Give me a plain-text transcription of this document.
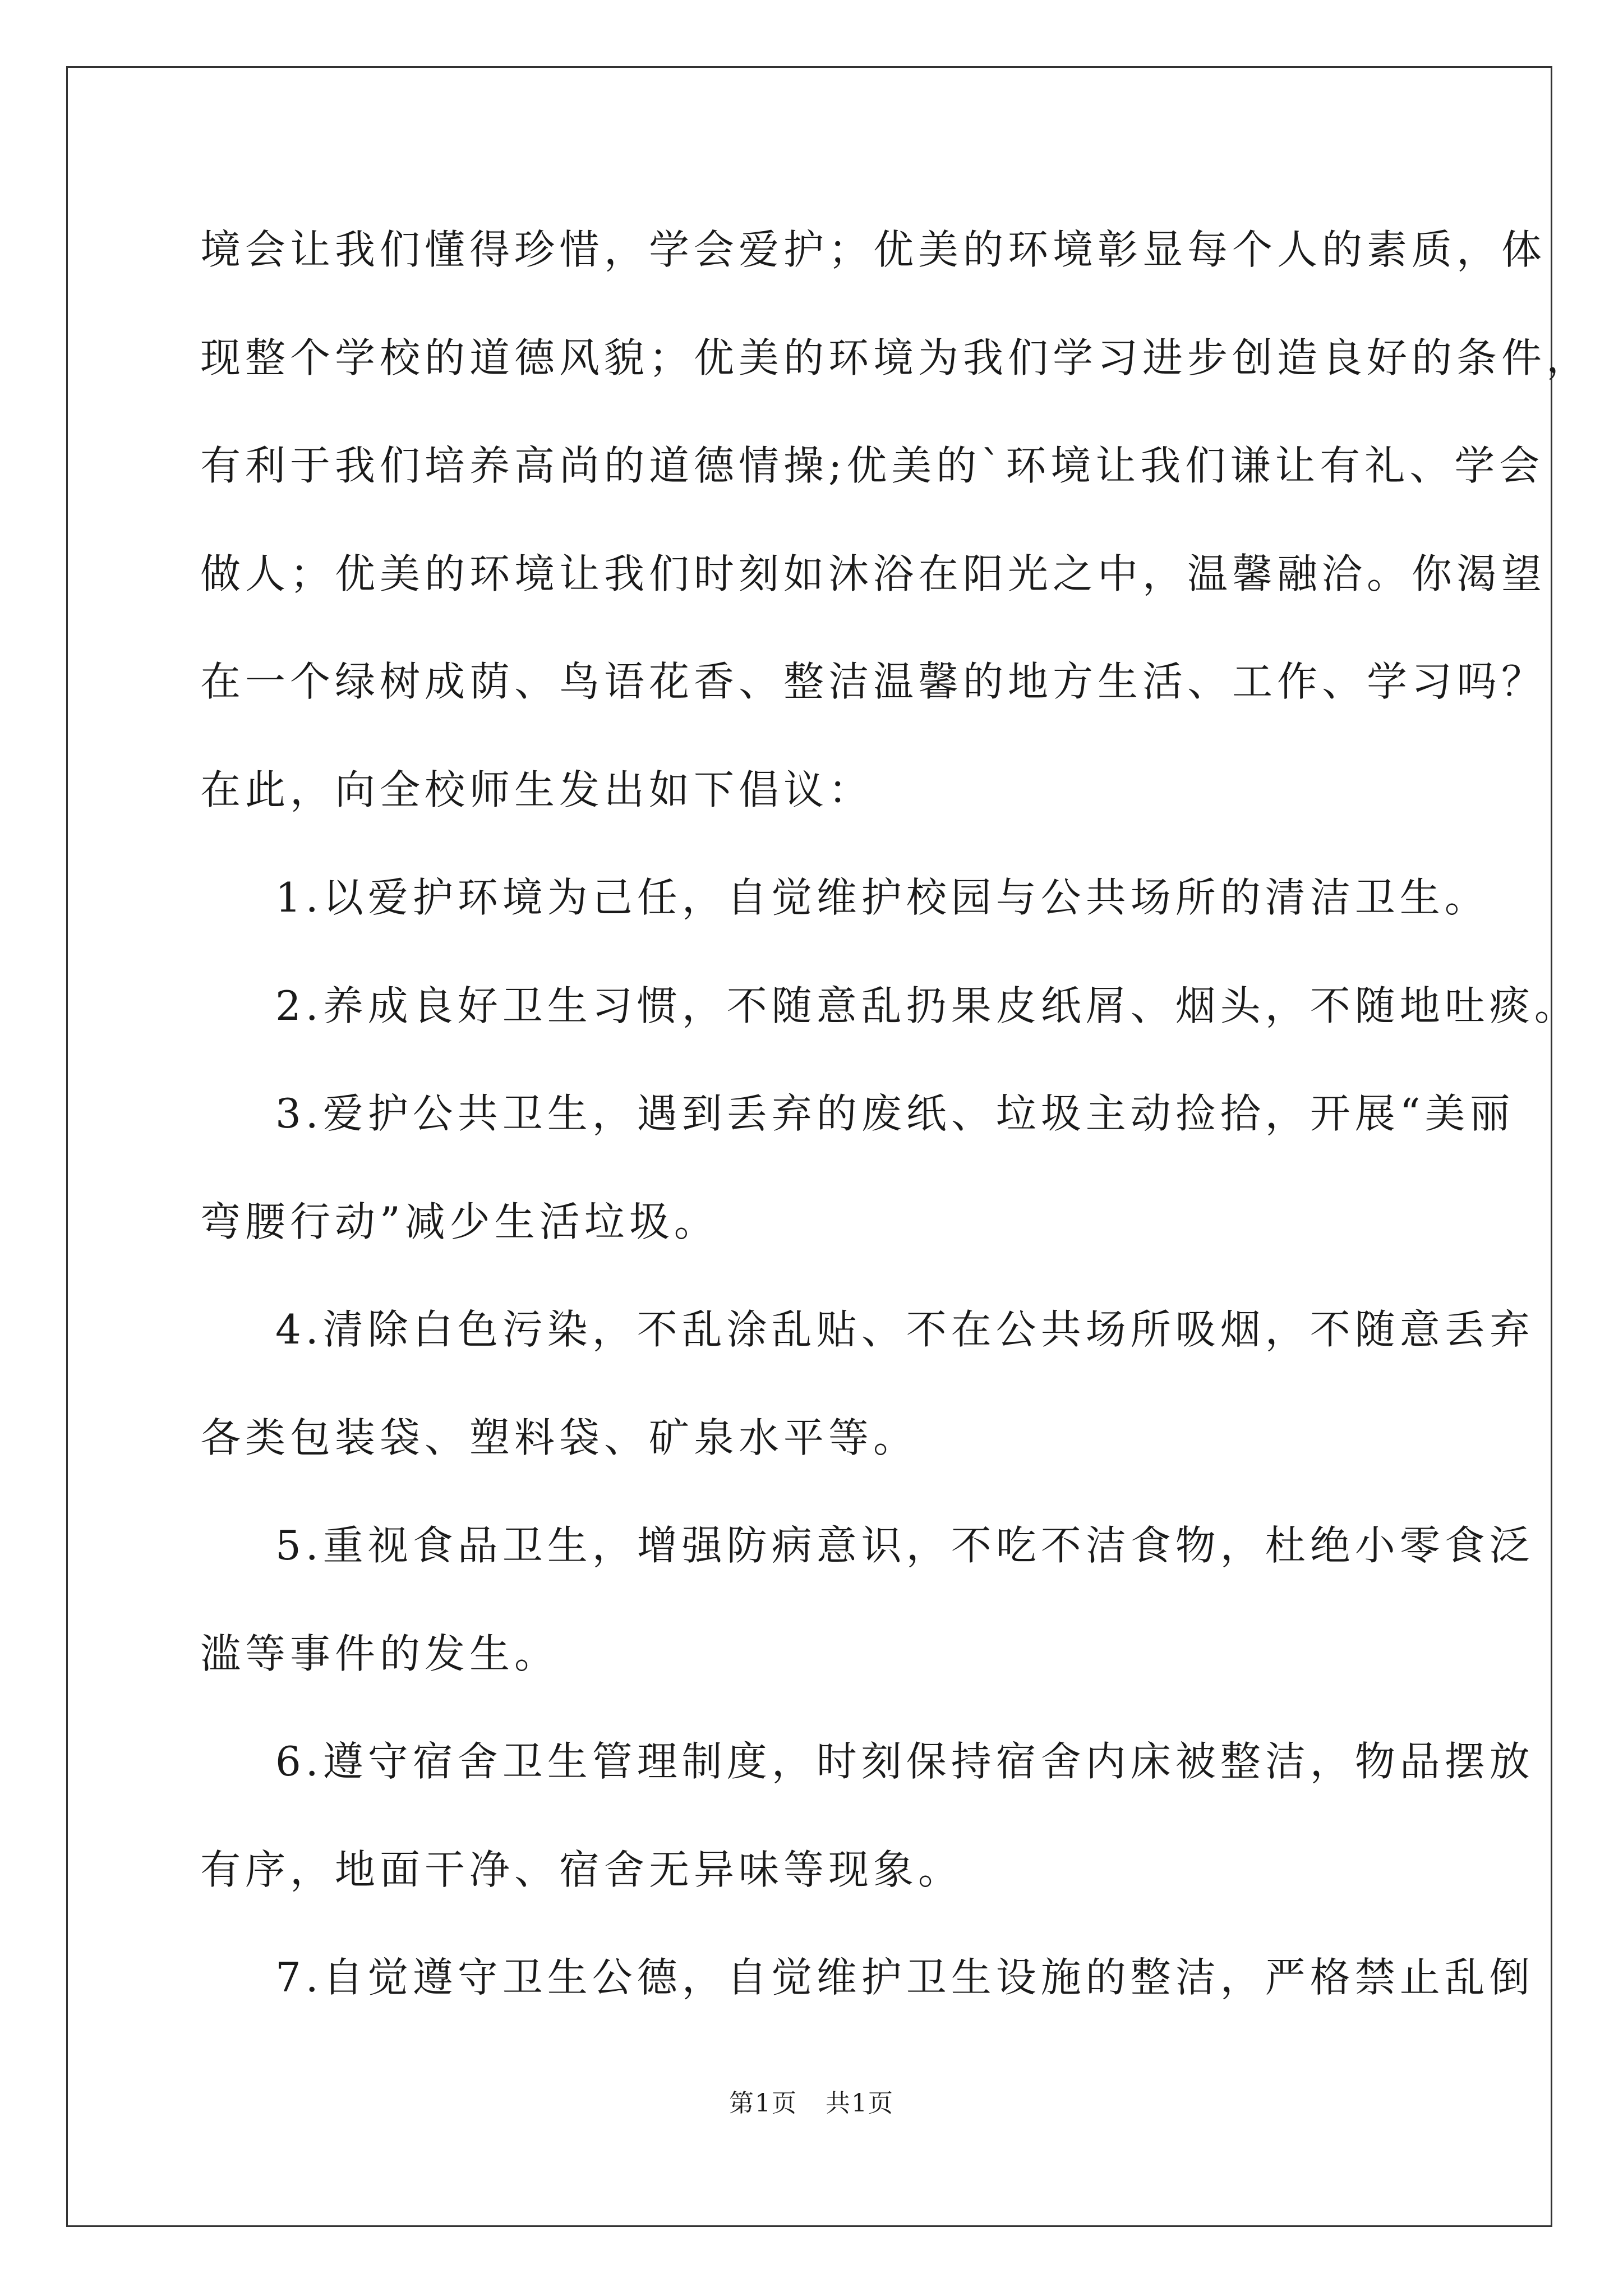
境会让我们懂得珍惜，学会爱护；优美的环境彰显每个人的素质，体
现整个学校的道德风貌；优美的环境为我们学习进步创造良好的条件，
有利于我们培养高尚的道德情操;优美的`环境让我们谦让有礼、学会
做人；优美的环境让我们时刻如沐浴在阳光之中，温馨融洽。你渴望
在一个绿树成荫、鸟语花香、整洁温馨的地方生活、工作、学习吗？
在此，向全校师生发出如下倡议：
1.以爱护环境为己任，自觉维护校园与公共场所的清洁卫生。
2.养成良好卫生习惯，不随意乱扔果皮纸屑、烟头，不随地吐痰。
3.爱护公共卫生，遇到丢弃的废纸、垃圾主动捡拾，开展“美丽
弯腰行动”减少生活垃圾。
4.清除白色污染，不乱涂乱贴、不在公共场所吸烟，不随意丢弃
各类包装袋、塑料袋、矿泉水平等。
5.重视食品卫生，增强防病意识，不吃不洁食物，杜绝小零食泛
滥等事件的发生。
6.遵守宿舍卫生管理制度，时刻保持宿舍内床被整洁，物品摆放
有序，地面干净、宿舍无异味等现象。
7.自觉遵守卫生公德，自觉维护卫生设施的整洁，严格禁止乱倒
第1页 共1页
